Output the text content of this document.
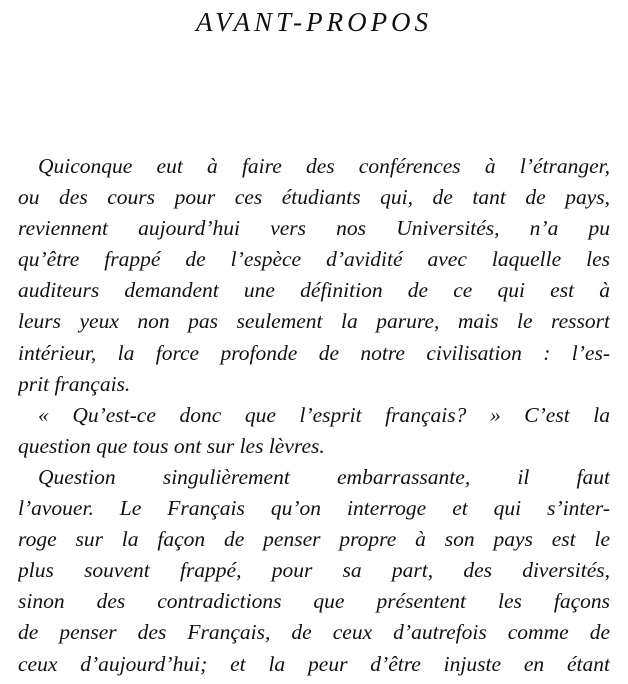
AVANT-PROPOS
Quiconque eut à faire des conférences à l’étranger,
ou des cours pour ces étudiants qui, de tant de pays,
reviennent aujourd’hui vers nos Universités, n’a pu
qu’être frappé de l’espèce d’avidité avec laquelle les
auditeurs demandent une définition de ce qui est à
leurs yeux non pas seulement la parure, mais le ressort
intérieur, la force profonde de notre civilisation : l’es-
prit français.
« Qu’est-ce donc que l’esprit français? » C’est la
question que tous ont sur les lèvres.
Question singulièrement embarrassante, il faut
l’avouer. Le Français qu’on interroge et qui s’inter-
roge sur la façon de penser propre à son pays est le
plus souvent frappé, pour sa part, des diversités,
sinon des contradictions que présentent les façons
de penser des Français, de ceux d’autrefois comme de
ceux d’aujourd’hui; et la peur d’être injuste en étant
